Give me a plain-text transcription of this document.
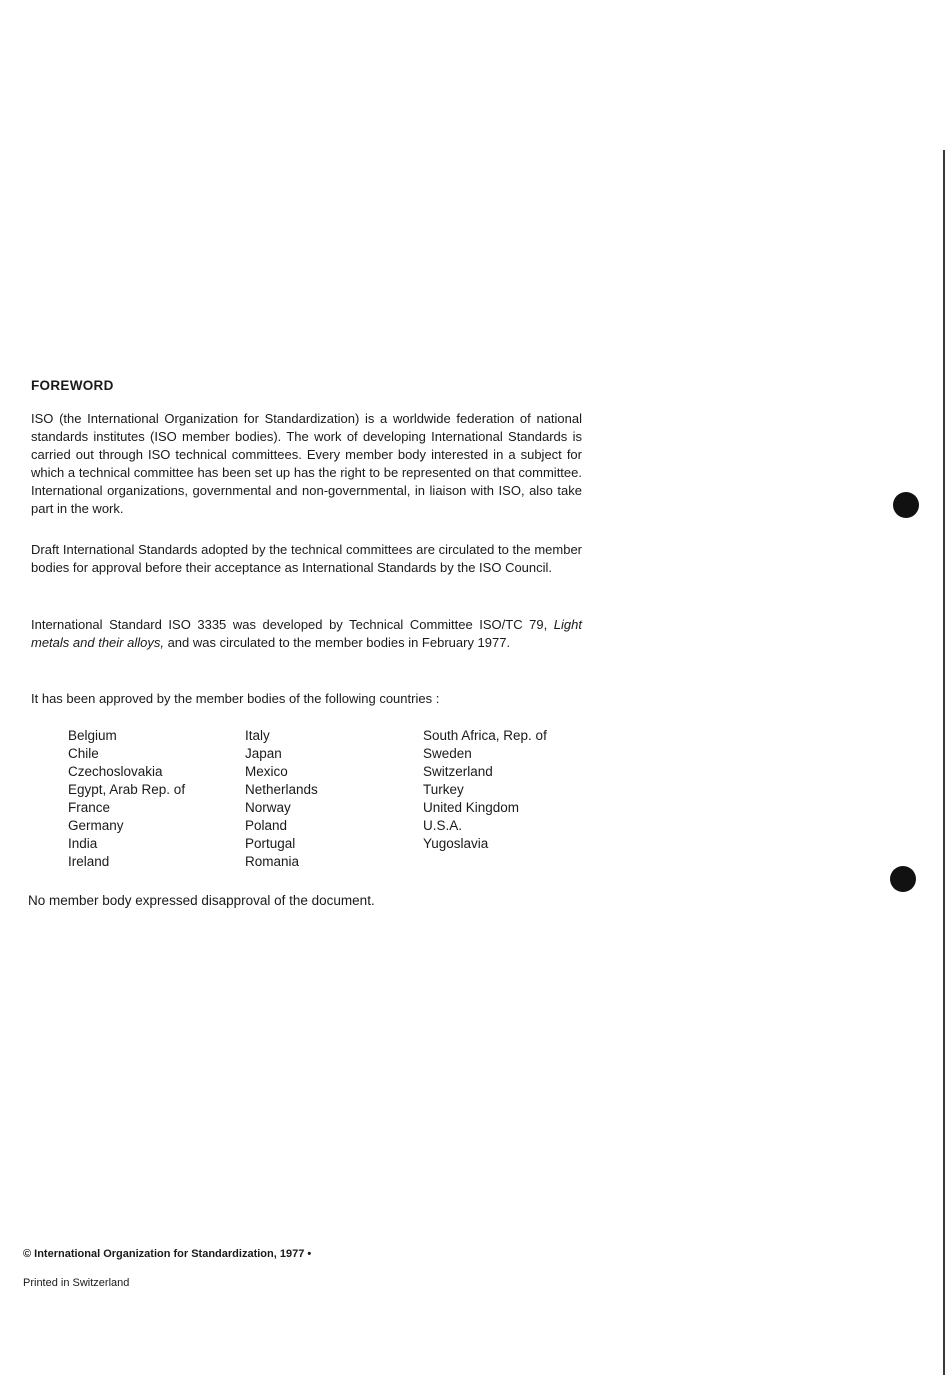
FOREWORD

ISO (the International Organization for Standardization) is a worldwide federation of national standards institutes (ISO member bodies). The work of developing International Standards is carried out through ISO technical committees. Every member body interested in a subject for which a technical committee has been set up has the right to be represented on that committee. International organizations, governmental and non-governmental, in liaison with ISO, also take part in the work.

Draft International Standards adopted by the technical committees are circulated to the member bodies for approval before their acceptance as International Standards by the ISO Council.

International Standard ISO 3335 was developed by Technical Committee ISO/TC 79, Light metals and their alloys, and was circulated to the member bodies in February 1977.

It has been approved by the member bodies of the following countries :

Belgium
Chile
Czechoslovakia
Egypt, Arab Rep. of
France
Germany
India
Ireland
Italy
Japan
Mexico
Netherlands
Norway
Poland
Portugal
Romania
South Africa, Rep. of
Sweden
Switzerland
Turkey
United Kingdom
U.S.A.
Yugoslavia

No member body expressed disapproval of the document.

© International Organization for Standardization, 1977 •

Printed in Switzerland
